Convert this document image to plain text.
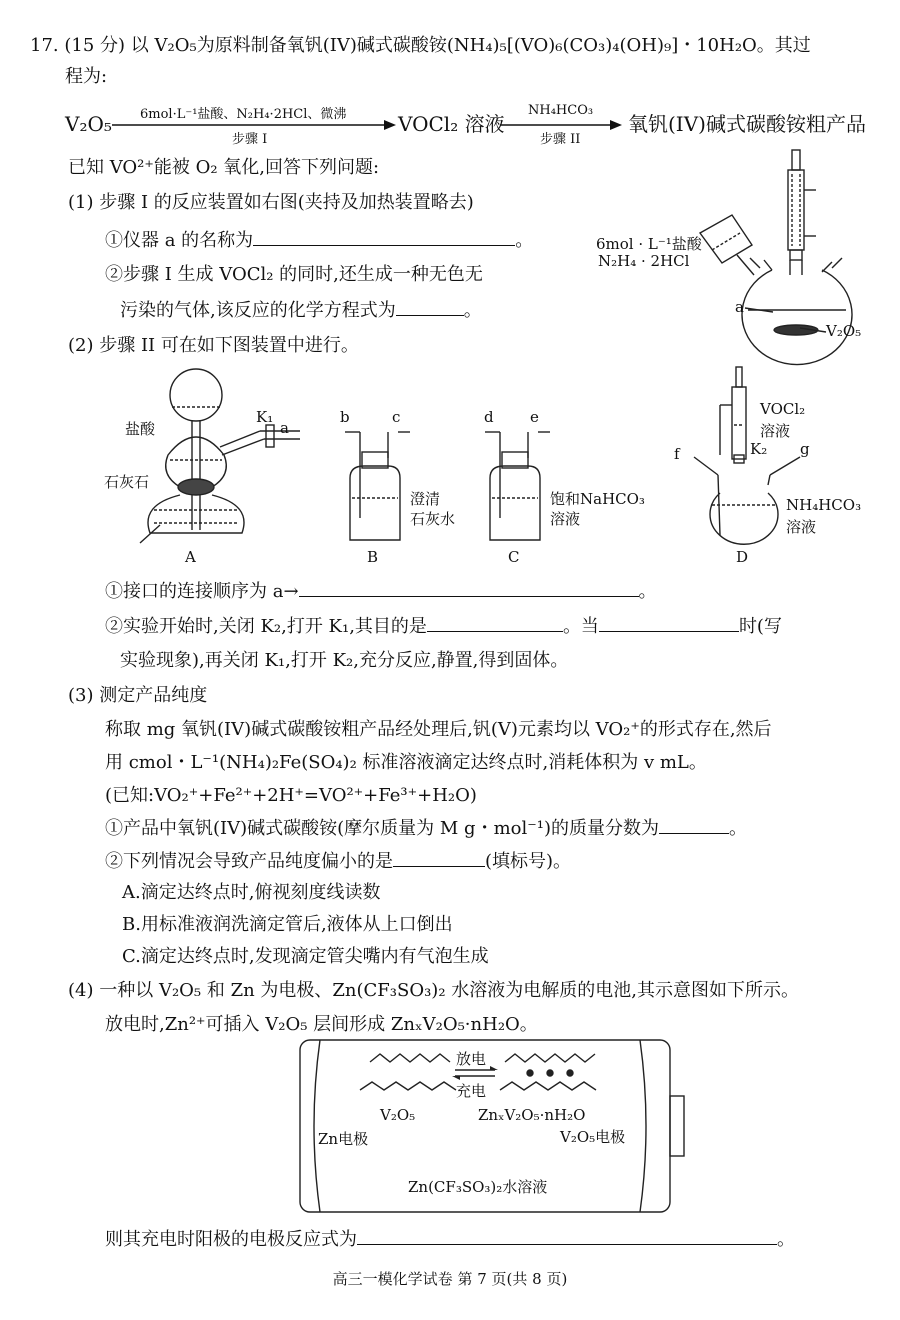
17. (15 分) 以 V₂O₅为原料制备氧钒(IV)碱式碳酸铵(NH₄)₅[(VO)₆(CO₃)₄(OH)₉]・10H₂O。其过
程为:
V₂O₅ 6mol·L⁻¹盐酸、N₂H₄·2HCl、微沸
步骤 I
VOCl₂ 溶液
NH₄HCO₃
步骤 II
氧钒(IV)碱式碳酸铵粗产品
已知 VO²⁺能被 O₂ 氧化,回答下列问题:
(1) 步骤 I 的反应装置如右图(夹持及加热装置略去)
①仪器 a 的名称为	。
②步骤 I 生成 VOCl₂ 的同时,还生成一种无色无
污染的气体,该反应的化学方程式为	。
6mol · L⁻¹盐酸
N₂H₄ · 2HCl
a
V₂O₅
(2) 步骤 II 可在如下图装置中进行。
盐酸
石灰石
K₁
a
A
b	c
澄清
石灰水
B
d e
饱和NaHCO₃
溶液
C
VOCl₂
溶液
K₂
f	g
NH₄HCO₃
溶液
D
①接口的连接顺序为 a→	。
②实验开始时,关闭 K₂,打开 K₁,其目的是	。当	时(写
实验现象),再关闭 K₁,打开 K₂,充分反应,静置,得到固体。
(3) 测定产品纯度
称取 mg 氧钒(IV)碱式碳酸铵粗产品经处理后,钒(V)元素均以 VO₂⁺的形式存在,然后
用 cmol・L⁻¹(NH₄)₂Fe(SO₄)₂ 标准溶液滴定达终点时,消耗体积为 v mL。
(已知:VO₂⁺+Fe²⁺+2H⁺=VO²⁺+Fe³⁺+H₂O)
①产品中氧钒(IV)碱式碳酸铵(摩尔质量为 M g・mol⁻¹)的质量分数为	。
②下列情况会导致产品纯度偏小的是	(填标号)。
A.滴定达终点时,俯视刻度线读数
B.用标准液润洗滴定管后,液体从上口倒出
C.滴定达终点时,发现滴定管尖嘴内有气泡生成
(4) 一种以 V₂O₅ 和 Zn 为电极、Zn(CF₃SO₃)₂ 水溶液为电解质的电池,其示意图如下所示。
放电时,Zn²⁺可插入 V₂O₅ 层间形成 ZnₓV₂O₅·nH₂O。
放电
充电
V₂O₅	ZnₓV₂O₅·nH₂O
Zn电极	V₂O₅电极
Zn(CF₃SO₃)₂水溶液
则其充电时阳极的电极反应式为	。
高三一模化学试卷 第 7 页(共 8 页)
